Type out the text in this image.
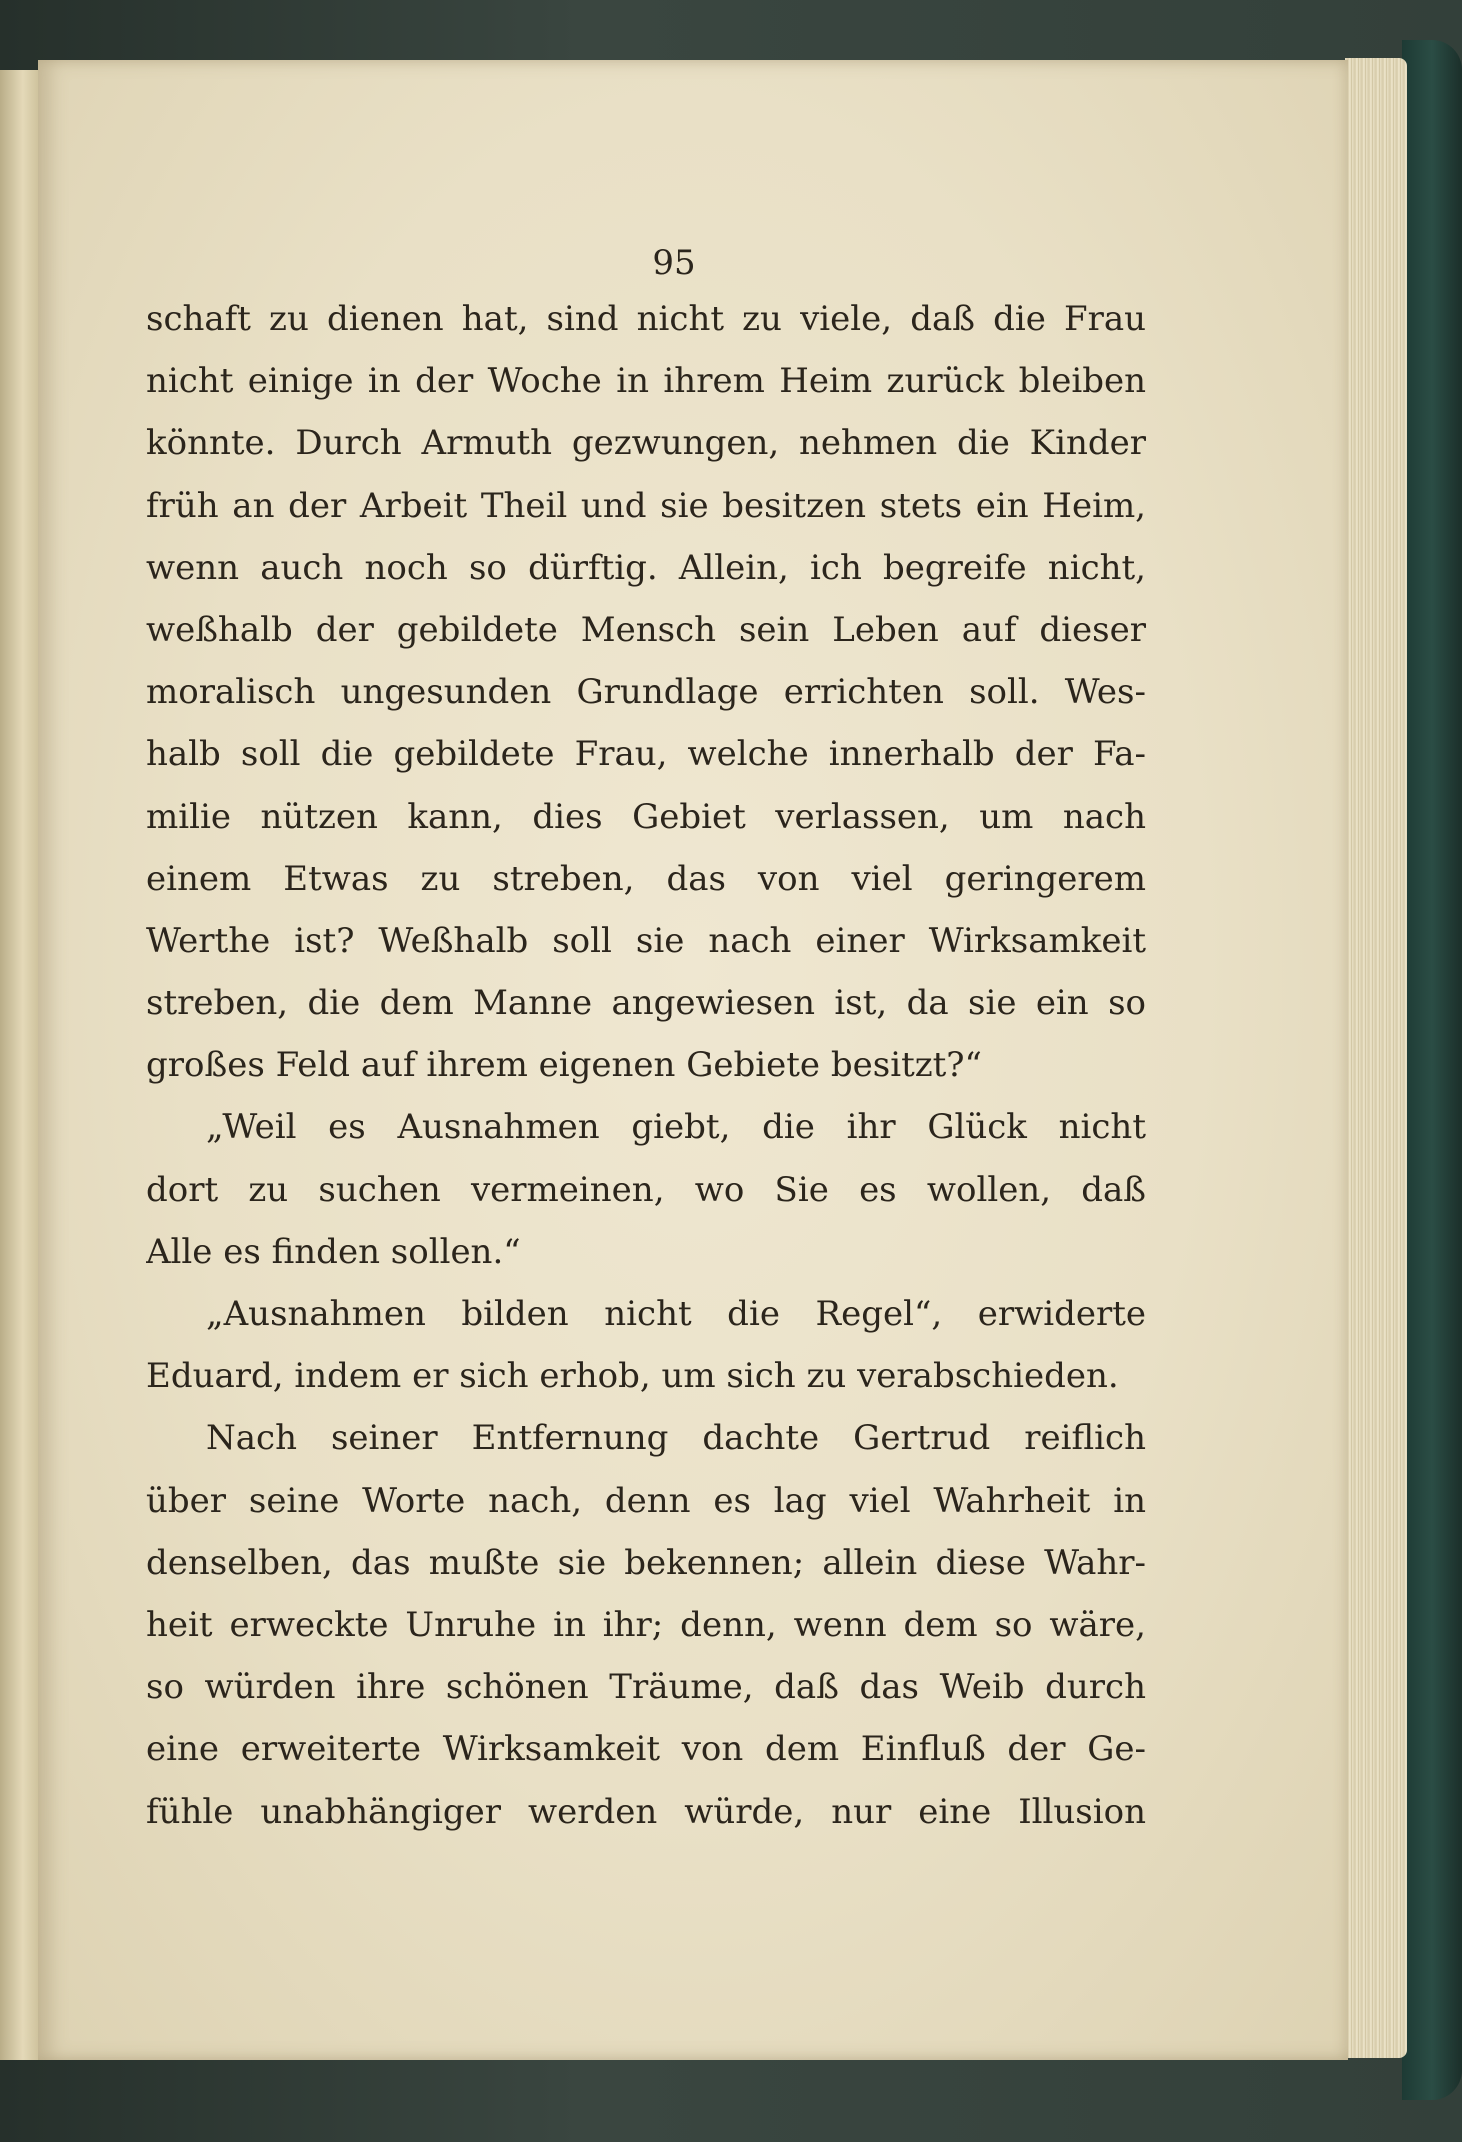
95
schaft zu dienen hat, sind nicht zu viele, daß die Frau
nicht einige in der Woche in ihrem Heim zurück bleiben
könnte. Durch Armuth gezwungen, nehmen die Kinder
früh an der Arbeit Theil und sie besitzen stets ein Heim,
wenn auch noch so dürftig. Allein, ich begreife nicht,
weßhalb der gebildete Mensch sein Leben auf dieser
moralisch ungesunden Grundlage errichten soll. Wes-
halb soll die gebildete Frau, welche innerhalb der Fa-
milie nützen kann, dies Gebiet verlassen, um nach
einem Etwas zu streben, das von viel geringerem
Werthe ist? Weßhalb soll sie nach einer Wirksamkeit
streben, die dem Manne angewiesen ist, da sie ein so
großes Feld auf ihrem eigenen Gebiete besitzt?“
„Weil es Ausnahmen giebt, die ihr Glück nicht
dort zu suchen vermeinen, wo Sie es wollen, daß
Alle es finden sollen.“
„Ausnahmen bilden nicht die Regel“, erwiderte
Eduard, indem er sich erhob, um sich zu verabschieden.
Nach seiner Entfernung dachte Gertrud reiflich
über seine Worte nach, denn es lag viel Wahrheit in
denselben, das mußte sie bekennen; allein diese Wahr-
heit erweckte Unruhe in ihr; denn, wenn dem so wäre,
so würden ihre schönen Träume, daß das Weib durch
eine erweiterte Wirksamkeit von dem Einfluß der Ge-
fühle unabhängiger werden würde, nur eine Illusion
